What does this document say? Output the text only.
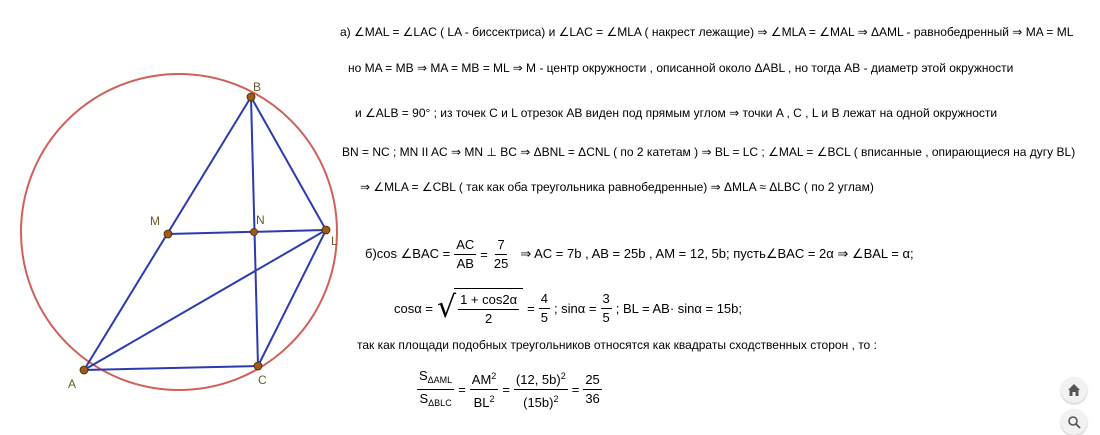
A
B
C
L
M	N
а) ∠MAL = ∠LAC ( LA - биссектриса) и ∠LAC = ∠MLA ( накрест лежащие) ⇒ ∠MLA = ∠MAL ⇒ ΔAML - равнобедренный ⇒ MA = ML
но MA = MB ⇒ MA = MB = ML ⇒ M - центр окружности , описанной около ΔABL , но тогда AB - диаметр этой окружности
и ∠ALB = 90° ; из точек C и L отрезок AB виден под прямым углом ⇒ точки A , C , L и B лежат на одной окружности
BN = NC ; MN II AC ⇒ MN ⊥ BC ⇒ ΔBNL = ΔCNL ( по 2 катетам ) ⇒ BL = LC ; ∠MAL = ∠BCL ( вписанные , опирающиеся на дугу BL)
⇒ ∠MLA = ∠CBL ( так как оба треугольника равнобедренные) ⇒ ΔMLA ≈ ΔLBC ( по 2 углам)
б)cos ∠BAC = $\frac{AC}{AB} = \frac{7}{25}$ ⇒ AC = 7b , AB = 25b , AM = 12, 5b; пусть∠BAC = 2α ⇒ ∠BAL = α;
cosα = √ $\frac{1 + \cos 2\alpha}{2} = \frac{4}{5}$ ; $\sin\alpha = \frac{3}{5}$ ; BL = AB· sinα = 15b;
так как площади подобных треугольников относятся как квадраты сходственных сторон , то :
$\frac{S_{\Delta AML}}{S_{\Delta BLC}} = \frac{AM^2}{BL^2} = \frac{(12, 5b)^2}{(15b)^2} = \frac{25}{36}$
